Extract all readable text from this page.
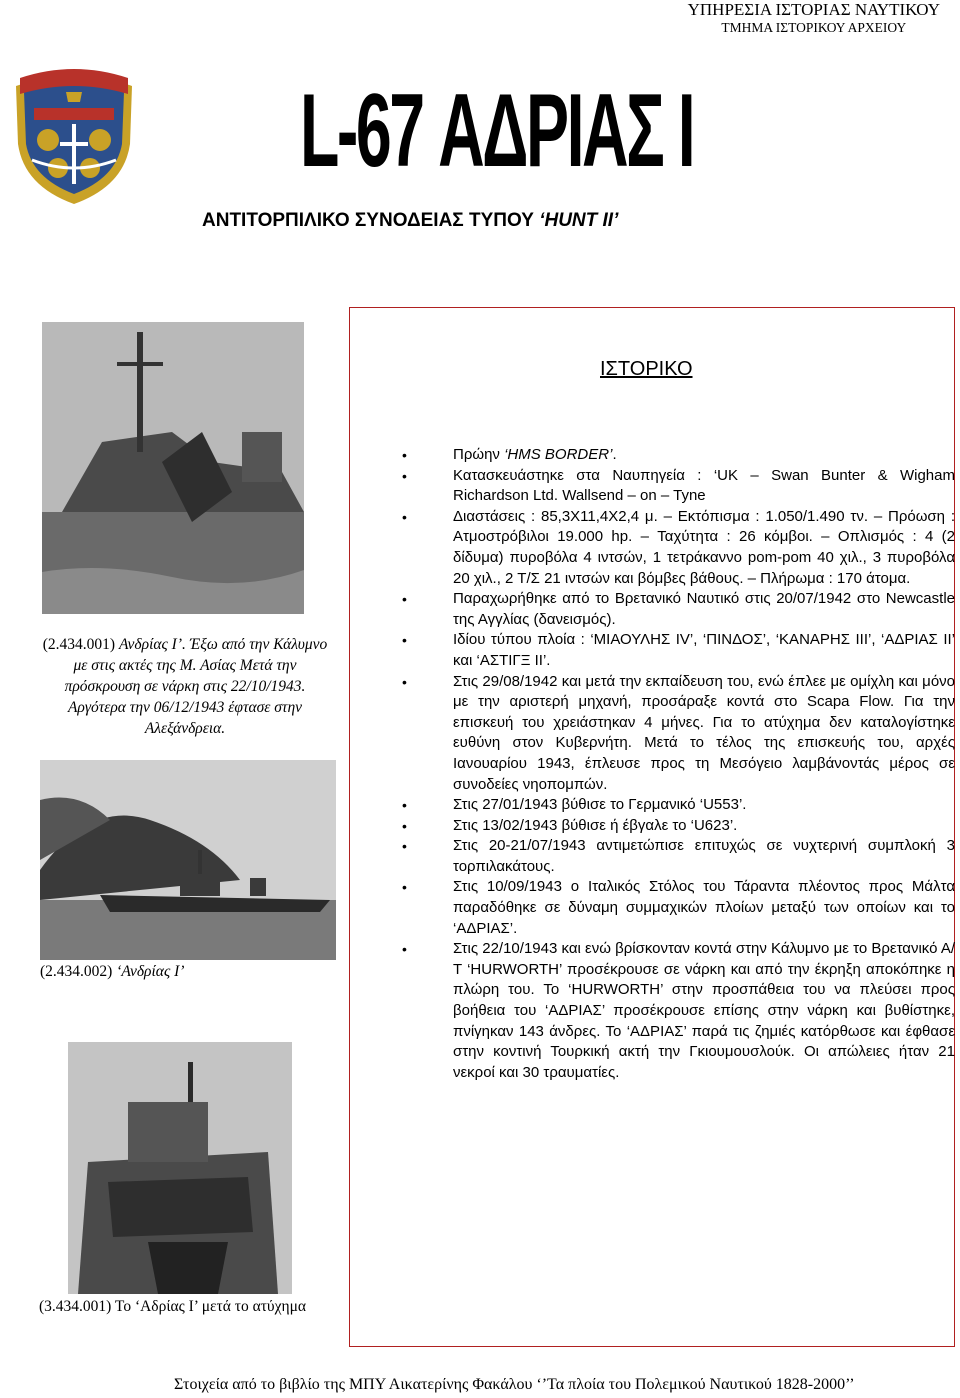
ΥΠΗΡΕΣΙΑ ΙΣΤΟΡΙΑΣ ΝΑΥΤΙΚΟΥ
ΤΜΗΜΑ ΙΣΤΟΡΙΚΟΥ ΑΡΧΕΙΟΥ
L-67 ΑΔΡΙΑΣ Ι
ΑΝΤΙΤΟΡΠΙΛΙΚΟ ΣΥΝΟΔΕΙΑΣ ΤΥΠΟΥ ‘HUNT II’
(2.434.001) Ανδρίας Ι’. Έξω από την Κάλυμνο με στις ακτές της Μ. Ασίας Μετά την πρόσκρουση σε νάρκη στις 22/10/1943. Αργότερα την 06/12/1943 έφτασε στην Αλεξάνδρεια.
(2.434.002) ‘Ανδρίας Ι’
(3.434.001) Το ‘Αδρίας Ι’ μετά το ατύχημα
ΙΣΤΟΡΙΚΟ
• Πρώην ‘HMS BORDER’.
• Κατασκευάστηκε στα Ναυπηγεία : ‘UK – Swan Bunter & Wigham Richardson Ltd. Wallsend – on – Tyne
• Διαστάσεις : 85,3Χ11,4Χ2,4 μ. – Εκτόπισμα : 1.050/1.490 τν. – Πρόωση : Ατμοστρόβιλοι 19.000 hp. – Ταχύτητα : 26 κόμβοι. – Οπλισμός : 4 (2 δίδυμα) πυροβόλα 4 ιντσών, 1 τετράκαννο pom-pom 40 χιλ., 3 πυροβόλα 20 χιλ., 2 Τ/Σ 21 ιντσών και βόμβες βάθους. – Πλήρωμα : 170 άτομα.
• Παραχωρήθηκε από το Βρετανικό Ναυτικό στις 20/07/1942 στο Newcastle της Αγγλίας (δανεισμός).
• Ιδίου τύπου πλοία : ‘ΜΙΑΟΥΛΗΣ IV’, ‘ΠΙΝΔΟΣ’, ‘ΚΑΝΑΡΗΣ ΙΙΙ’, ‘ΑΔΡΙΑΣ ΙΙ’ και ‘ΑΣΤΙΓΞ ΙΙ’.
• Στις 29/08/1942 και μετά την εκπαίδευση του, ενώ έπλεε με ομίχλη και μόνο με την αριστερή μηχανή, προσάραξε κοντά στο Scapa Flow. Για την επισκευή του χρειάστηκαν 4 μήνες. Για το ατύχημα δεν καταλογίστηκε ευθύνη στον Κυβερνήτη. Μετά το τέλος της επισκευής του, αρχές Ιανουαρίου 1943, έπλευσε προς τη Μεσόγειο λαμβάνοντάς μέρος σε συνοδείες νηοπομπών.
• Στις 27/01/1943 βύθισε το Γερμανικό ‘U553’.
• Στις 13/02/1943 βύθισε ή έβγαλε το ‘U623’.
• Στις 20-21/07/1943 αντιμετώπισε επιτυχώς σε νυχτερινή συμπλοκή 3 τορπιλακάτους.
• Στις 10/09/1943 ο Ιταλικός Στόλος του Τάραντα πλέοντος προς Μάλτα παραδόθηκε σε δύναμη συμμαχικών πλοίων μεταξύ των οποίων και το ‘ΑΔΡΙΑΣ’.
• Στις 22/10/1943 και ενώ βρίσκονταν κοντά στην Κάλυμνο με το Βρετανικό Α/Τ ‘HURWORTH’ προσέκρουσε σε νάρκη και από την έκρηξη αποκόπηκε η πλώρη του. Το ‘HURWORTH’ στην προσπάθεια του να πλεύσει προς βοήθεια του ‘ΑΔΡΙΑΣ’ προσέκρουσε επίσης στην νάρκη και βυθίστηκε, πνίγηκαν 143 άνδρες. Το ‘ΑΔΡΙΑΣ’ παρά τις ζημιές κατόρθωσε και έφθασε στην κοντινή Τουρκική ακτή την Γκιουμουσλούκ. Οι απώλειες ήταν 21 νεκροί και 30 τραυματίες.
Στοιχεία από το βιβλίο της ΜΠΥ Αικατερίνης Φακάλου ‘’Τα πλοία του Πολεμικού Ναυτικού 1828-2000’’
